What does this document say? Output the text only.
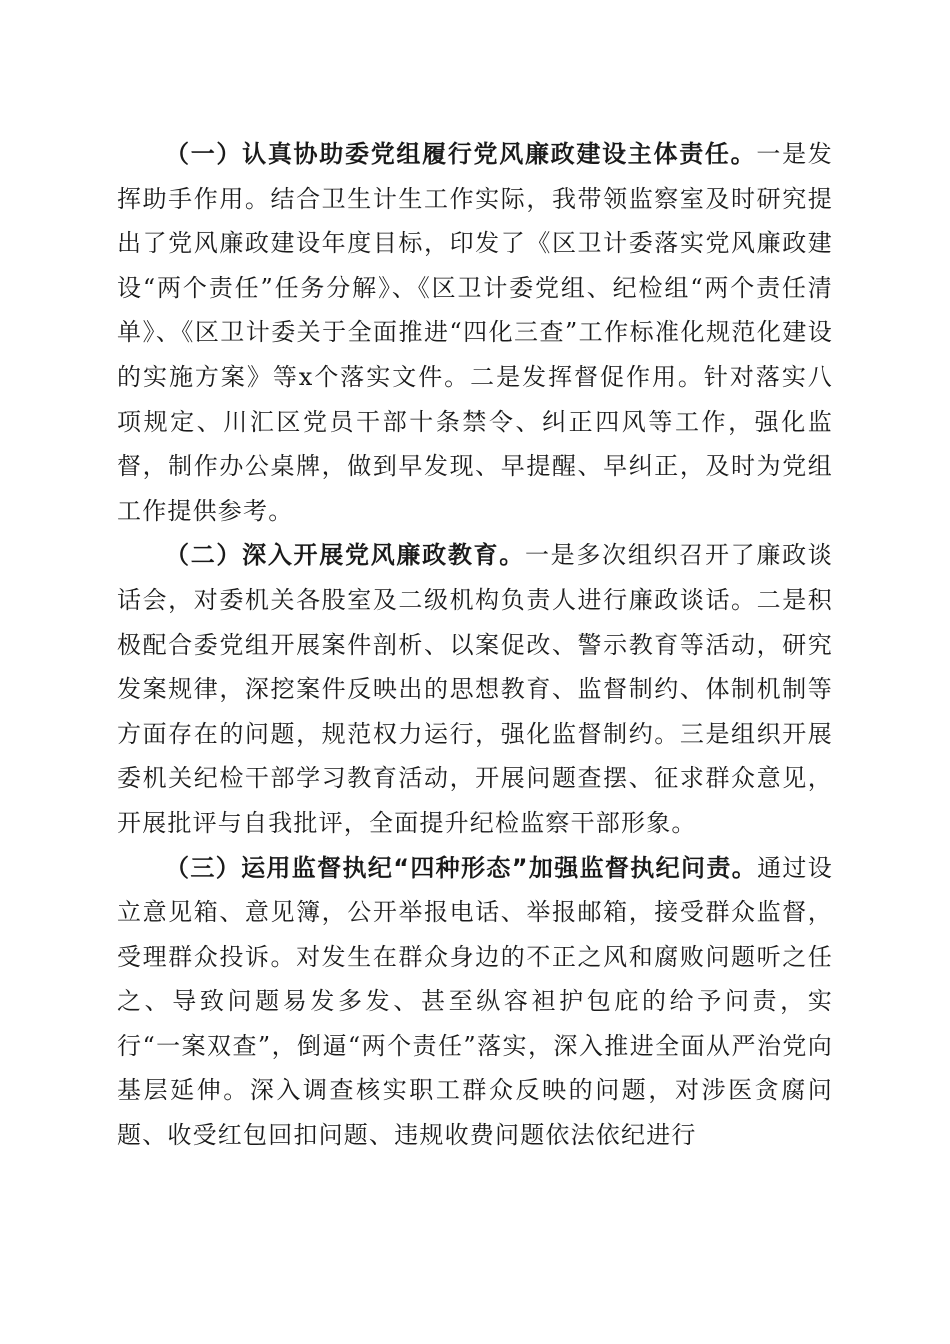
（一）认真协助委党组履行党风廉政建设主体责任。一是发挥助手作用。结合卫生计生工作实际，我带领监察室及时研究提出了党风廉政建设年度目标，印发了《区卫计委落实党风廉政建设“两个责任”任务分解》、《区卫计委党组、纪检组“两个责任清单》、《区卫计委关于全面推进“四化三查”工作标准化规范化建设的实施方案》等x个落实文件。二是发挥督促作用。针对落实八项规定、川汇区党员干部十条禁令、纠正四风等工作，强化监督，制作办公桌牌，做到早发现、早提醒、早纠正，及时为党组工作提供参考。

（二）深入开展党风廉政教育。一是多次组织召开了廉政谈话会，对委机关各股室及二级机构负责人进行廉政谈话。二是积极配合委党组开展案件剖析、以案促改、警示教育等活动，研究发案规律，深挖案件反映出的思想教育、监督制约、体制机制等方面存在的问题，规范权力运行，强化监督制约。三是组织开展委机关纪检干部学习教育活动，开展问题查摆、征求群众意见，开展批评与自我批评，全面提升纪检监察干部形象。

（三）运用监督执纪“四种形态”加强监督执纪问责。通过设立意见箱、意见簿，公开举报电话、举报邮箱，接受群众监督，受理群众投诉。对发生在群众身边的不正之风和腐败问题听之任之、导致问题易发多发、甚至纵容袒护包庇的给予问责，实行“一案双查”，倒逼“两个责任”落实，深入推进全面从严治党向基层延伸。深入调查核实职工群众反映的问题，对涉医贪腐问题、收受红包回扣问题、违规收费问题依法依纪进行
